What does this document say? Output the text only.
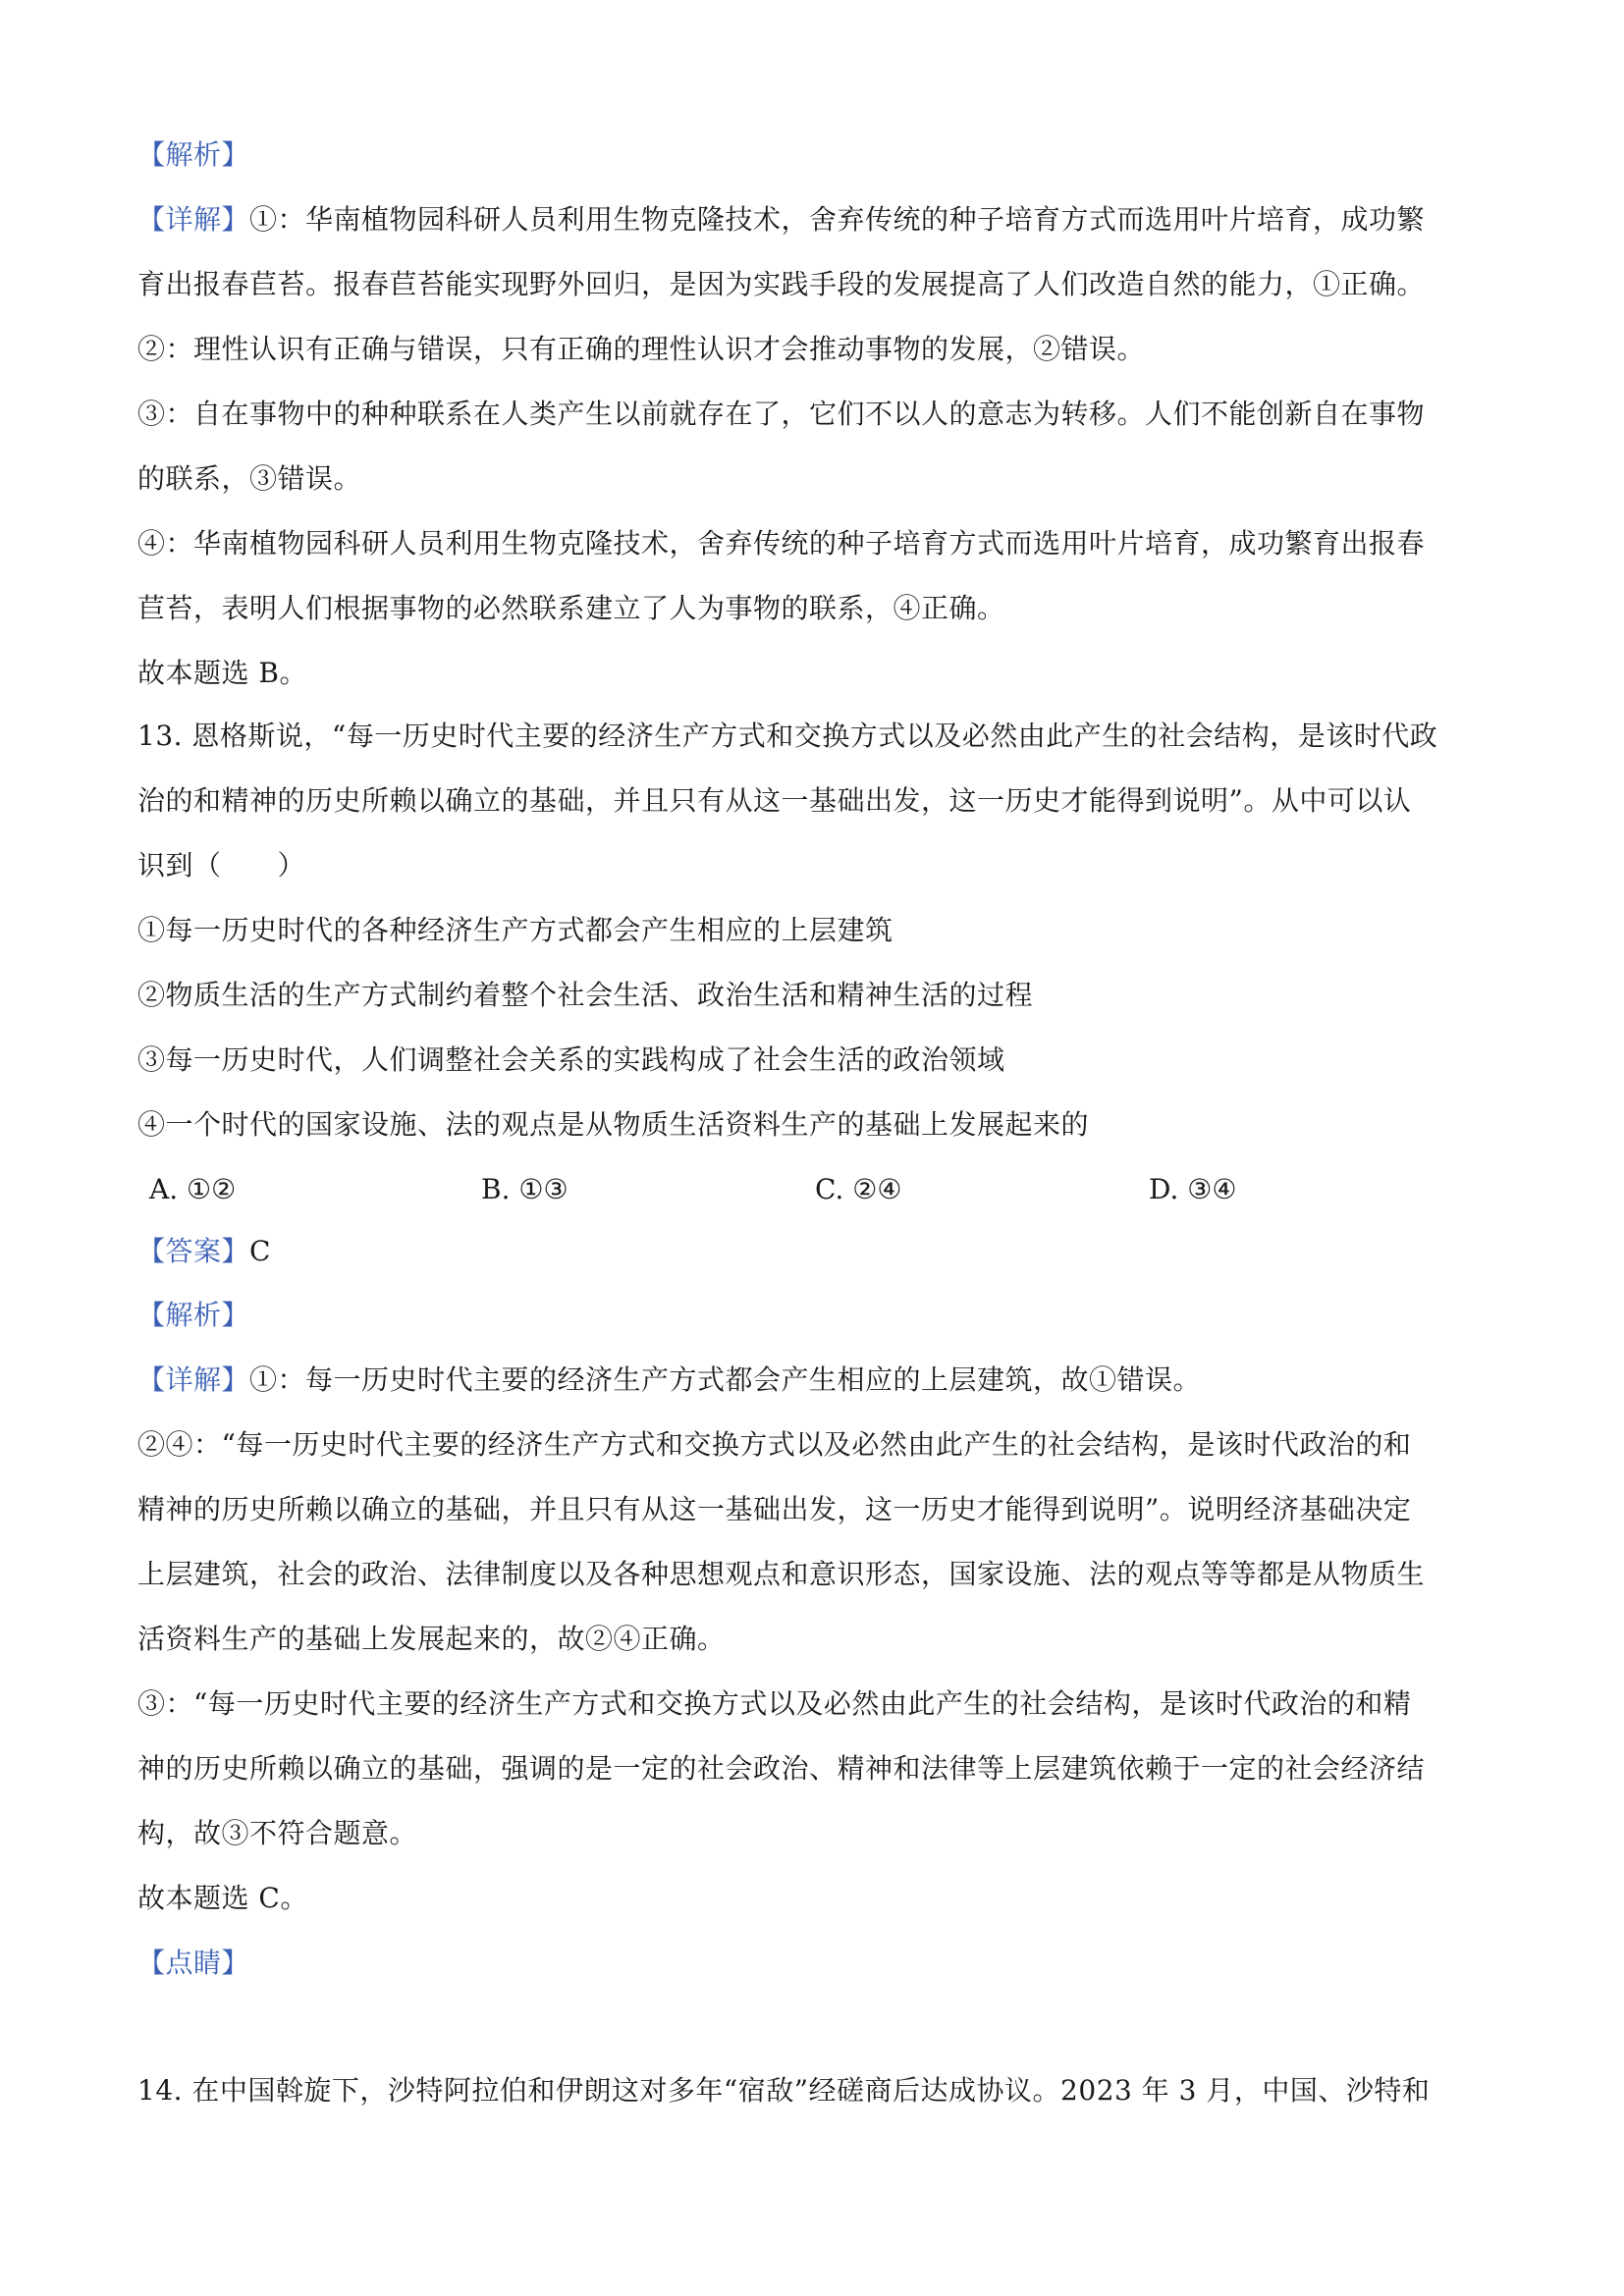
【解析】
【详解】①：华南植物园科研人员利用生物克隆技术，舍弃传统的种子培育方式而选用叶片培育，成功繁
育出报春苣苔。报春苣苔能实现野外回归，是因为实践手段的发展提高了人们改造自然的能力，①正确。
②：理性认识有正确与错误，只有正确的理性认识才会推动事物的发展，②错误。
③：自在事物中的种种联系在人类产生以前就存在了，它们不以人的意志为转移。人们不能创新自在事物
的联系，③错误。
④：华南植物园科研人员利用生物克隆技术，舍弃传统的种子培育方式而选用叶片培育，成功繁育出报春
苣苔，表明人们根据事物的必然联系建立了人为事物的联系，④正确。
故本题选 B。
13. 恩格斯说，“每一历史时代主要的经济生产方式和交换方式以及必然由此产生的社会结构，是该时代政
治的和精神的历史所赖以确立的基础，并且只有从这一基础出发，这一历史才能得到说明”。从中可以认
识到（　　）
①每一历史时代的各种经济生产方式都会产生相应的上层建筑
②物质生活的生产方式制约着整个社会生活、政治生活和精神生活的过程
③每一历史时代，人们调整社会关系的实践构成了社会生活的政治领域
④一个时代的国家设施、法的观点是从物质生活资料生产的基础上发展起来的
A. ①②	B. ①③	C. ②④	D. ③④
【答案】C
【解析】
【详解】①：每一历史时代主要的经济生产方式都会产生相应的上层建筑，故①错误。
②④：“每一历史时代主要的经济生产方式和交换方式以及必然由此产生的社会结构，是该时代政治的和
精神的历史所赖以确立的基础，并且只有从这一基础出发，这一历史才能得到说明”。说明经济基础决定
上层建筑，社会的政治、法律制度以及各种思想观点和意识形态，国家设施、法的观点等等都是从物质生
活资料生产的基础上发展起来的，故②④正确。
③：“每一历史时代主要的经济生产方式和交换方式以及必然由此产生的社会结构，是该时代政治的和精
神的历史所赖以确立的基础，强调的是一定的社会政治、精神和法律等上层建筑依赖于一定的社会经济结
构，故③不符合题意。
故本题选 C。
【点睛】
14. 在中国斡旋下，沙特阿拉伯和伊朗这对多年“宿敌”经磋商后达成协议。2023 年 3 月，中国、沙特和
